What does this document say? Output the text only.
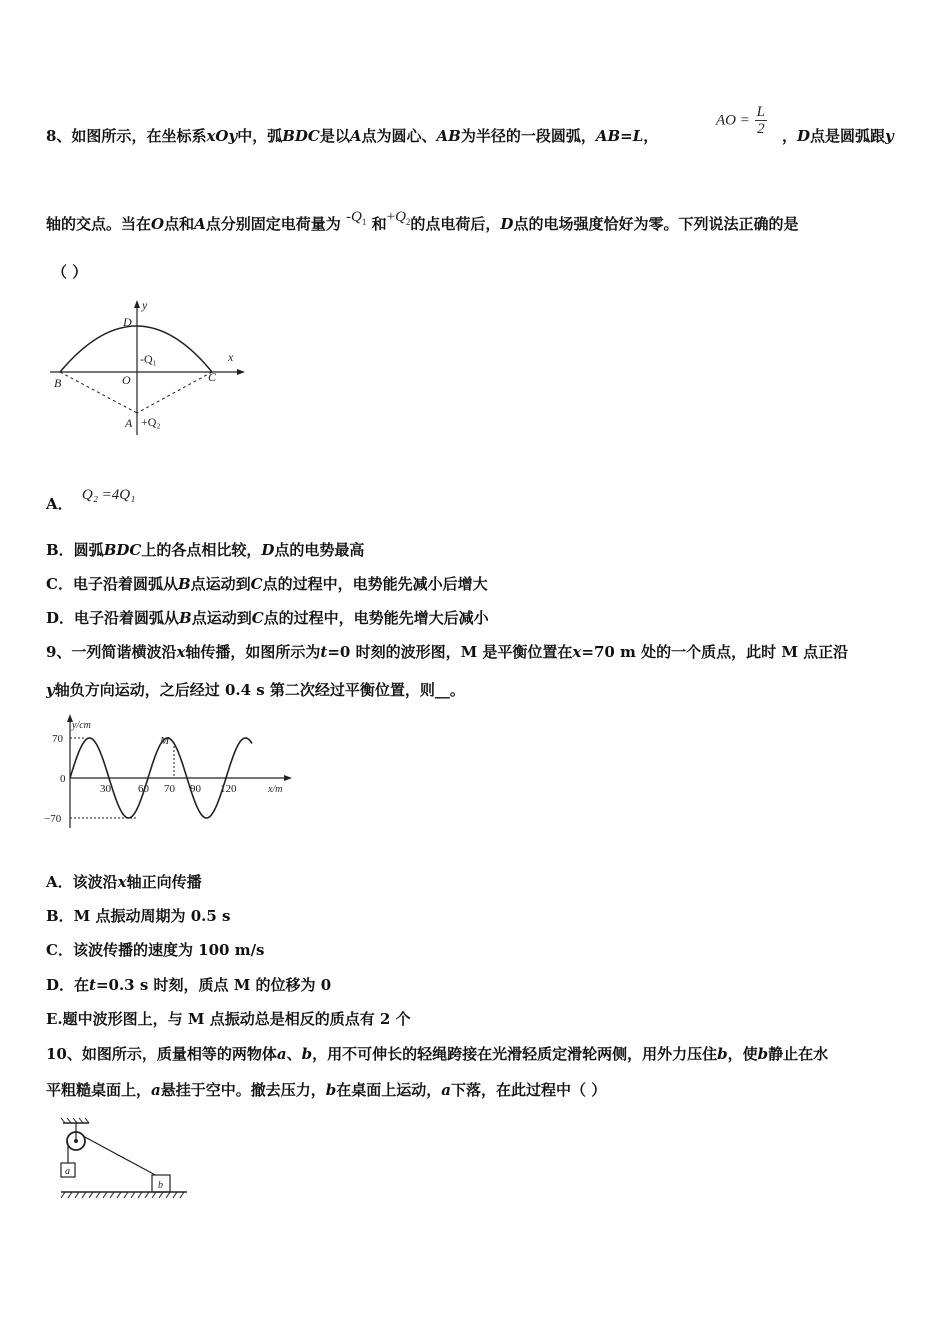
8、如图所示，在坐标系xOy中，弧BDC是以A点为圆心、AB为半径的一段圆弧，AB=L，
AO = $\frac{L}{2}$ ，D点是圆弧跟y
轴的交点。当在O点和A点分别固定电荷量为 $-Q^1$ 和$+Q^2$的点电荷后，D点的电场强度恰好为零。下列说法正确的是
（ ）
D
y
-Q₁	x
B	O	C
A +Q₂
A． Q₂ =4Q₁
B．圆弧BDC上的各点相比较，D点的电势最高
C．电子沿着圆弧从B点运动到C点的过程中，电势能先减小后增大
D．电子沿着圆弧从B点运动到C点的过程中，电势能先增大后减小
9、一列简谐横波沿x轴传播，如图所示为t=0 时刻的波形图，M 是平衡位置在x=70 m 处的一个质点，此时 M 点正沿
y轴负方向运动，之后经过 0.4 s 第二次经过平衡位置，则__。
y/cm
x/m
70
0
−70
30 60 70 90 120
M
A．该波沿x轴正向传播
B．M 点振动周期为 0.5 s
C．该波传播的速度为 100 m/s
D．在t=0.3 s 时刻，质点 M 的位移为 0
E.题中波形图上，与 M 点振动总是相反的质点有 2 个
10、如图所示，质量相等的两物体a、b，用不可伸长的轻绳跨接在光滑轻质定滑轮两侧，用外力压住b，使b静止在水
平粗糙桌面上，a悬挂于空中。撤去压力，b在桌面上运动，a下落，在此过程中（ ）
a
b
